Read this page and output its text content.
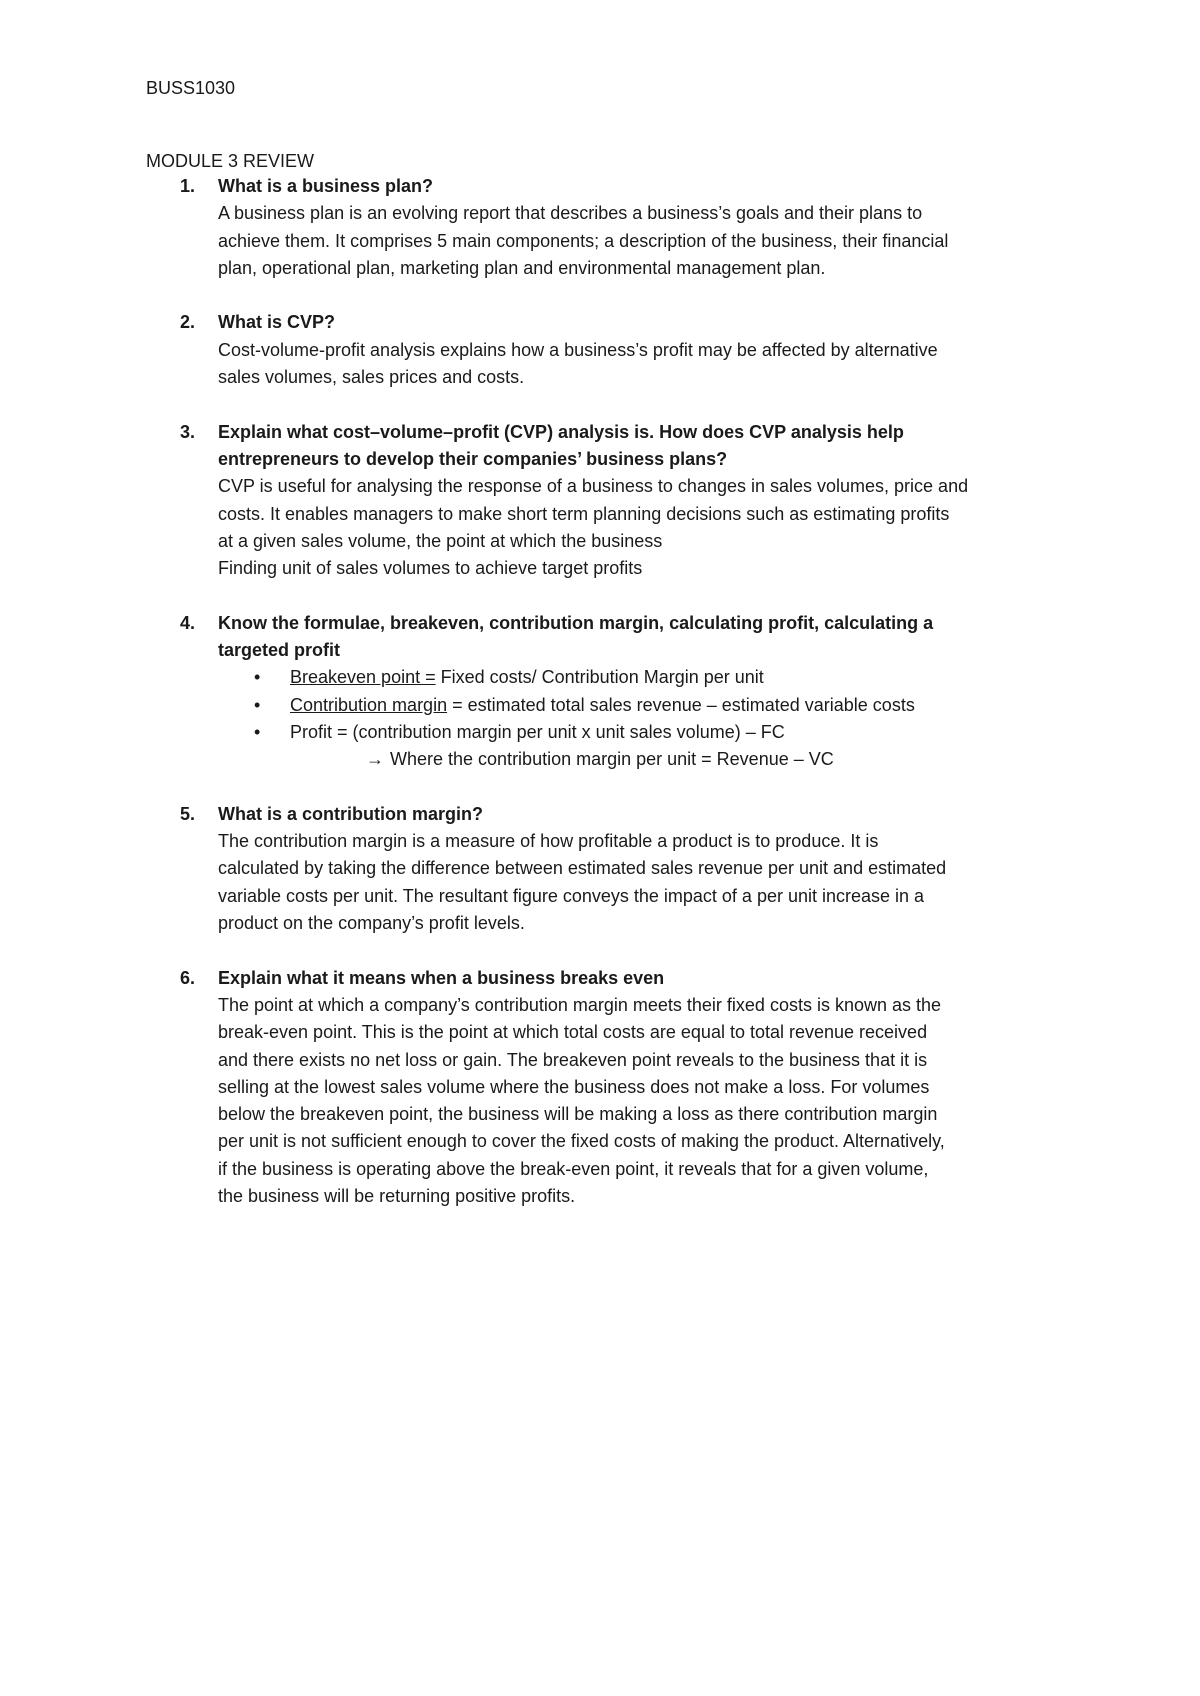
BUSS1030
MODULE 3 REVIEW
1. What is a business plan?

A business plan is an evolving report that describes a business’s goals and their plans to

achieve them. It comprises 5 main components; a description of the business, their financial

plan, operational plan, marketing plan and environmental management plan.

2. What is CVP?

Cost-volume-profit analysis explains how a business’s profit may be affected by alternative

sales volumes, sales prices and costs.

3. Explain what cost–volume–profit (CVP) analysis is. How does CVP analysis help
entrepreneurs to develop their companies’ business plans?

CVP is useful for analysing the response of a business to changes in sales volumes, price and

costs. It enables managers to make short term planning decisions such as estimating profits

at a given sales volume, the point at which the business

Finding unit of sales volumes to achieve target profits

4. Know the formulae, breakeven, contribution margin, calculating profit, calculating a
targeted profit
• Breakeven point = Fixed costs/ Contribution Margin per unit
• Contribution margin = estimated total sales revenue – estimated variable costs
• Profit = (contribution margin per unit x unit sales volume) – FC
→ Where the contribution margin per unit = Revenue – VC
5. What is a contribution margin?

The contribution margin is a measure of how profitable a product is to produce. It is

calculated by taking the difference between estimated sales revenue per unit and estimated

variable costs per unit. The resultant figure conveys the impact of a per unit increase in a

product on the company’s profit levels.

6. Explain what it means when a business breaks even

The point at which a company’s contribution margin meets their fixed costs is known as the

break-even point. This is the point at which total costs are equal to total revenue received

and there exists no net loss or gain. The breakeven point reveals to the business that it is

selling at the lowest sales volume where the business does not make a loss. For volumes

below the breakeven point, the business will be making a loss as there contribution margin

per unit is not sufficient enough to cover the fixed costs of making the product. Alternatively,

if the business is operating above the break-even point, it reveals that for a given volume,

the business will be returning positive profits.
